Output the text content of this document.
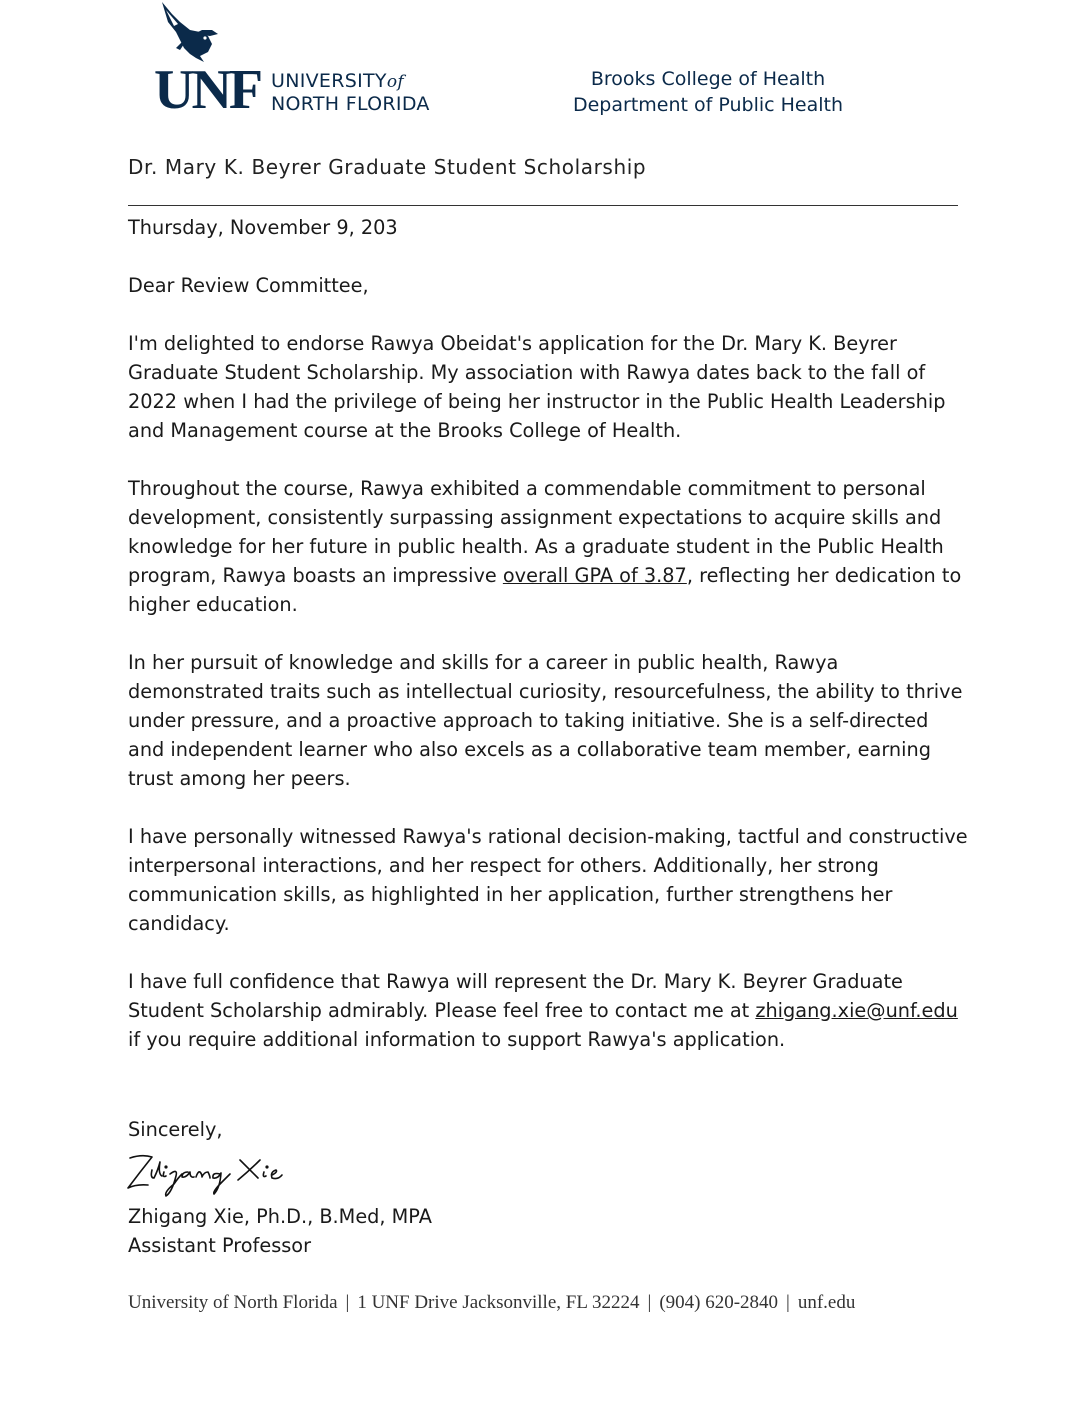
UNF UNIVERSITYof
NORTH FLORIDA
Brooks College of Health
Department of Public Health
Dr. Mary K. Beyrer Graduate Student Scholarship

Thursday, November 9, 203

Dear Review Committee,

I'm delighted to endorse Rawya Obeidat's application for the Dr. Mary K. Beyrer Graduate Student Scholarship. My association with Rawya dates back to the fall of 2022 when I had the privilege of being her instructor in the Public Health Leadership and Management course at the Brooks College of Health.

Throughout the course, Rawya exhibited a commendable commitment to personal development, consistently surpassing assignment expectations to acquire skills and knowledge for her future in public health. As a graduate student in the Public Health program, Rawya boasts an impressive overall GPA of 3.87, reflecting her dedication to higher education.

In her pursuit of knowledge and skills for a career in public health, Rawya demonstrated traits such as intellectual curiosity, resourcefulness, the ability to thrive under pressure, and a proactive approach to taking initiative. She is a self-directed and independent learner who also excels as a collaborative team member, earning trust among her peers.

I have personally witnessed Rawya's rational decision-making, tactful and constructive interpersonal interactions, and her respect for others. Additionally, her strong communication skills, as highlighted in her application, further strengthens her candidacy.

I have full confidence that Rawya will represent the Dr. Mary K. Beyrer Graduate Student Scholarship admirably. Please feel free to contact me at zhigang.xie@unf.edu if you require additional information to support Rawya's application.

Sincerely,
Zhigang Xie, Ph.D., B.Med, MPA
Assistant Professor
University of North Florida | 1 UNF Drive Jacksonville, FL 32224 | (904) 620-2840 | unf.edu
